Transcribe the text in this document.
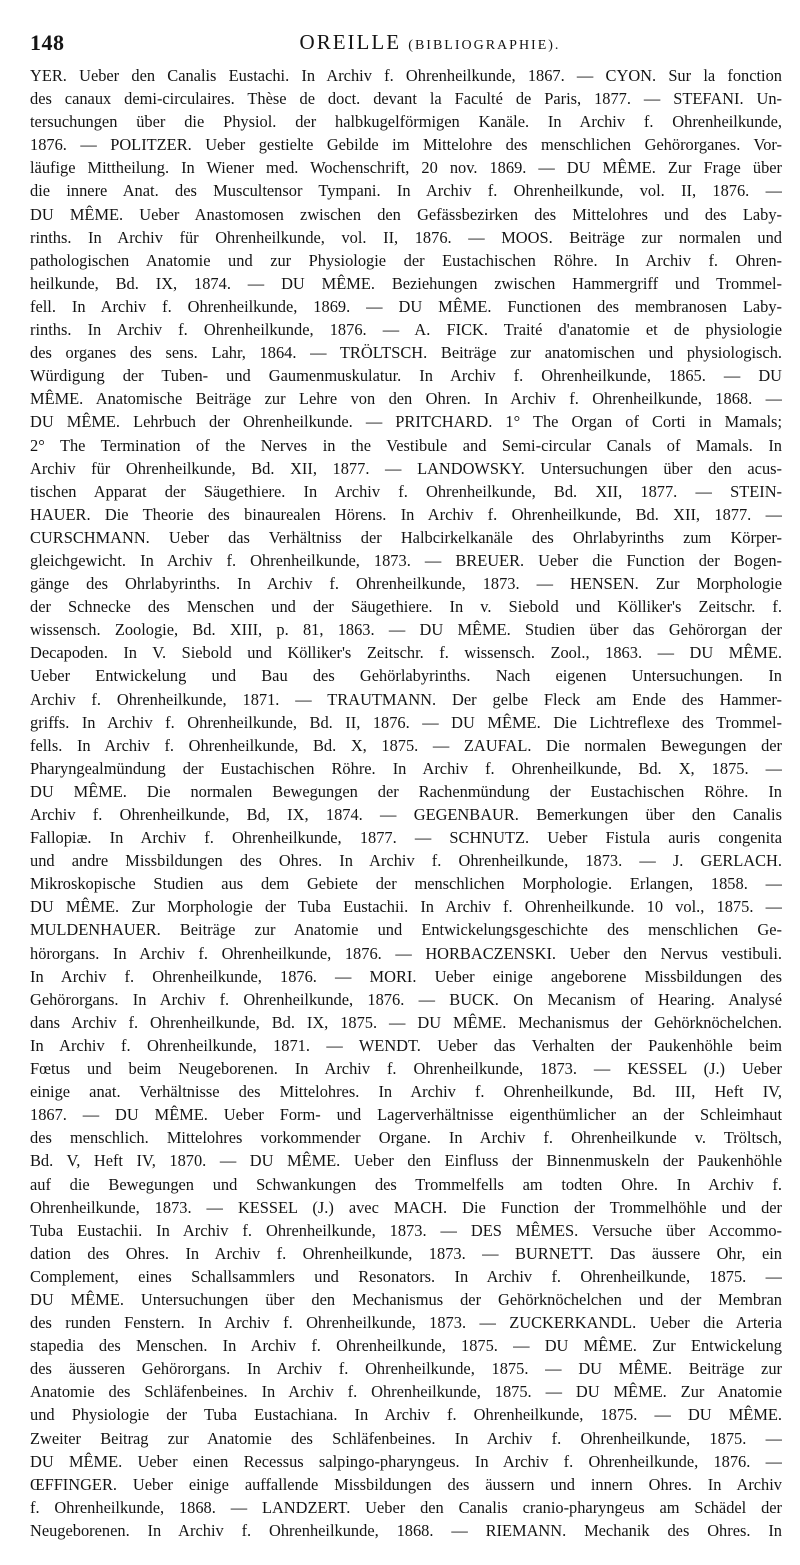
148	OREILLE (BIBLIOGRAPHIE).
YER. Ueber den Canalis Eustachi. In Archiv f. Ohrenheilkunde, 1867. — CYON. Sur la fonction
des canaux demi-circulaires. Thèse de doct. devant la Faculté de Paris, 1877. — STEFANI. Un-
tersuchungen über die Physiol. der halbkugelförmigen Kanäle. In Archiv f. Ohrenheilkunde,
1876. — POLITZER. Ueber gestielte Gebilde im Mittelohre des menschlichen Gehörorganes. Vor-
läufige Mittheilung. In Wiener med. Wochenschrift, 20 nov. 1869. — DU MÊME. Zur Frage über
die innere Anat. des Muscultensor Tympani. In Archiv f. Ohrenheilkunde, vol. II, 1876. —
DU MÊME. Ueber Anastomosen zwischen den Gefässbezirken des Mittelohres und des Laby-
rinths. In Archiv für Ohrenheilkunde, vol. II, 1876. — MOOS. Beiträge zur normalen und
pathologischen Anatomie und zur Physiologie der Eustachischen Röhre. In Archiv f. Ohren-
heilkunde, Bd. IX, 1874. — DU MÊME. Beziehungen zwischen Hammergriff und Trommel-
fell. In Archiv f. Ohrenheilkunde, 1869. — DU MÊME. Functionen des membranosen Laby-
rinths. In Archiv f. Ohrenheilkunde, 1876. — A. FICK. Traité d'anatomie et de physiologie
des organes des sens. Lahr, 1864. — TRÖLTSCH. Beiträge zur anatomischen und physiologisch.
Würdigung der Tuben- und Gaumenmuskulatur. In Archiv f. Ohrenheilkunde, 1865. — DU
MÊME. Anatomische Beiträge zur Lehre von den Ohren. In Archiv f. Ohrenheilkunde, 1868. —
DU MÊME. Lehrbuch der Ohrenheilkunde. — PRITCHARD. 1° The Organ of Corti in Mamals;
2° The Termination of the Nerves in the Vestibule and Semi-circular Canals of Mamals. In
Archiv für Ohrenheilkunde, Bd. XII, 1877. — LANDOWSKY. Untersuchungen über den acus-
tischen Apparat der Säugethiere. In Archiv f. Ohrenheilkunde, Bd. XII, 1877. — STEIN-
HAUER. Die Theorie des binaurealen Hörens. In Archiv f. Ohrenheilkunde, Bd. XII, 1877. —
CURSCHMANN. Ueber das Verhältniss der Halbcirkelkanäle des Ohrlabyrinths zum Körper-
gleichgewicht. In Archiv f. Ohrenheilkunde, 1873. — BREUER. Ueber die Function der Bogen-
gänge des Ohrlabyrinths. In Archiv f. Ohrenheilkunde, 1873. — HENSEN. Zur Morphologie
der Schnecke des Menschen und der Säugethiere. In v. Siebold und Kölliker's Zeitschr. f.
wissensch. Zoologie, Bd. XIII, p. 81, 1863. — DU MÊME. Studien über das Gehörorgan der
Decapoden. In V. Siebold und Kölliker's Zeitschr. f. wissensch. Zool., 1863. — DU MÊME.
Ueber Entwickelung und Bau des Gehörlabyrinths. Nach eigenen Untersuchungen. In
Archiv f. Ohrenheilkunde, 1871. — TRAUTMANN. Der gelbe Fleck am Ende des Hammer-
griffs. In Archiv f. Ohrenheilkunde, Bd. II, 1876. — DU MÊME. Die Lichtreflexe des Trommel-
fells. In Archiv f. Ohrenheilkunde, Bd. X, 1875. — ZAUFAL. Die normalen Bewegungen der
Pharyngealmündung der Eustachischen Röhre. In Archiv f. Ohrenheilkunde, Bd. X, 1875. —
DU MÊME. Die normalen Bewegungen der Rachenmündung der Eustachischen Röhre. In
Archiv f. Ohrenheilkunde, Bd, IX, 1874. — GEGENBAUR. Bemerkungen über den Canalis
Fallopiæ. In Archiv f. Ohrenheilkunde, 1877. — SCHNUTZ. Ueber Fistula auris congenita
und andre Missbildungen des Ohres. In Archiv f. Ohrenheilkunde, 1873. — J. GERLACH.
Mikroskopische Studien aus dem Gebiete der menschlichen Morphologie. Erlangen, 1858. —
DU MÊME. Zur Morphologie der Tuba Eustachii. In Archiv f. Ohrenheilkunde. 10 vol., 1875. —
MULDENHAUER. Beiträge zur Anatomie und Entwickelungsgeschichte des menschlichen Ge-
hörorgans. In Archiv f. Ohrenheilkunde, 1876. — HORBACZENSKI. Ueber den Nervus vestibuli.
In Archiv f. Ohrenheilkunde, 1876. — MORI. Ueber einige angeborene Missbildungen des
Gehörorgans. In Archiv f. Ohrenheilkunde, 1876. — BUCK. On Mecanism of Hearing. Analysé
dans Archiv f. Ohrenheilkunde, Bd. IX, 1875. — DU MÊME. Mechanismus der Gehörknöchelchen.
In Archiv f. Ohrenheilkunde, 1871. — WENDT. Ueber das Verhalten der Paukenhöhle beim
Fœtus und beim Neugeborenen. In Archiv f. Ohrenheilkunde, 1873. — KESSEL (J.) Ueber
einige anat. Verhältnisse des Mittelohres. In Archiv f. Ohrenheilkunde, Bd. III, Heft IV,
1867. — DU MÊME. Ueber Form- und Lagerverhältnisse eigenthümlicher an der Schleimhaut
des menschlich. Mittelohres vorkommender Organe. In Archiv f. Ohrenheilkunde v. Tröltsch,
Bd. V, Heft IV, 1870. — DU MÊME. Ueber den Einfluss der Binnenmuskeln der Paukenhöhle
auf die Bewegungen und Schwankungen des Trommelfells am todten Ohre. In Archiv f.
Ohrenheilkunde, 1873. — KESSEL (J.) avec MACH. Die Function der Trommelhöhle und der
Tuba Eustachii. In Archiv f. Ohrenheilkunde, 1873. — DES MÊMES. Versuche über Accommo-
dation des Ohres. In Archiv f. Ohrenheilkunde, 1873. — BURNETT. Das äussere Ohr, ein
Complement, eines Schallsammlers und Resonators. In Archiv f. Ohrenheilkunde, 1875. —
DU MÊME. Untersuchungen über den Mechanismus der Gehörknöchelchen und der Membran
des runden Fenstern. In Archiv f. Ohrenheilkunde, 1873. — ZUCKERKANDL. Ueber die Arteria
stapedia des Menschen. In Archiv f. Ohrenheilkunde, 1875. — DU MÊME. Zur Entwickelung
des äusseren Gehörorgans. In Archiv f. Ohrenheilkunde, 1875. — DU MÊME. Beiträge zur
Anatomie des Schläfenbeines. In Archiv f. Ohrenheilkunde, 1875. — DU MÊME. Zur Anatomie
und Physiologie der Tuba Eustachiana. In Archiv f. Ohrenheilkunde, 1875. — DU MÊME.
Zweiter Beitrag zur Anatomie des Schläfenbeines. In Archiv f. Ohrenheilkunde, 1875. —
DU MÊME. Ueber einen Recessus salpingo-pharyngeus. In Archiv f. Ohrenheilkunde, 1876. —
ŒFFINGER. Ueber einige auffallende Missbildungen des äussern und innern Ohres. In Archiv
f. Ohrenheilkunde, 1868. — LANDZERT. Ueber den Canalis cranio-pharyngeus am Schädel der
Neugeborenen. In Archiv f. Ohrenheilkunde, 1868. — RIEMANN. Mechanik des Ohres. In
